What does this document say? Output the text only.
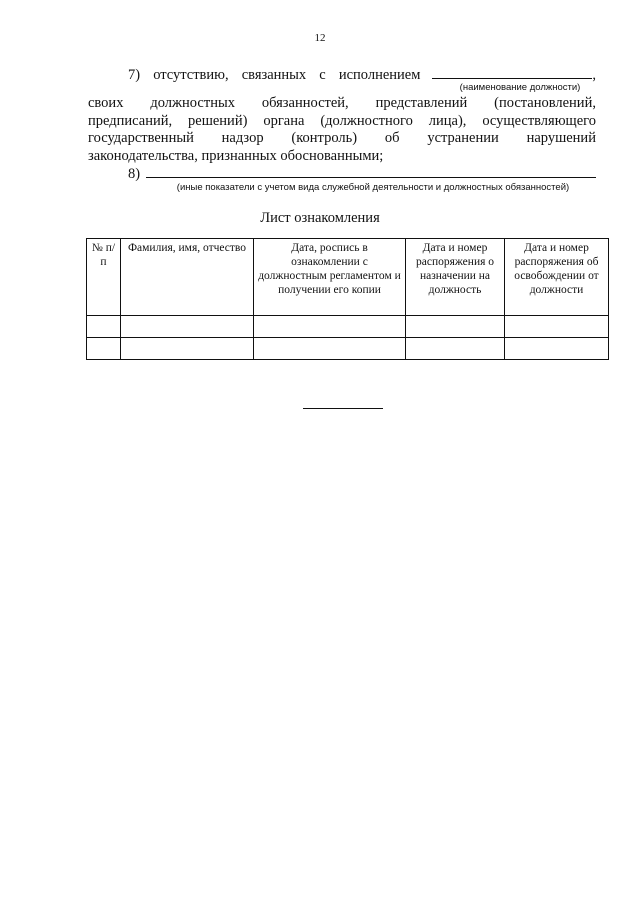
12
7) отсутствию, связанных с исполнением	,
(наименование должности)
своих должностных обязанностей, представлений (постановлений,
предписаний, решений) органа (должностного лица), осуществляющего
государственный надзор (контроль) об устранении нарушений
законодательства, признанных обоснованными;
8)
(иные показатели с учетом вида служебной деятельности и должностных обязанностей)
Лист ознакомления
№ п/п	Фамилия, имя, отчество	Дата, роспись в ознакомлении с должностным регламентом и получении его копии	Дата и номер распоряжения о назначении на должность	Дата и номер распоряжения об освобождении от должности
